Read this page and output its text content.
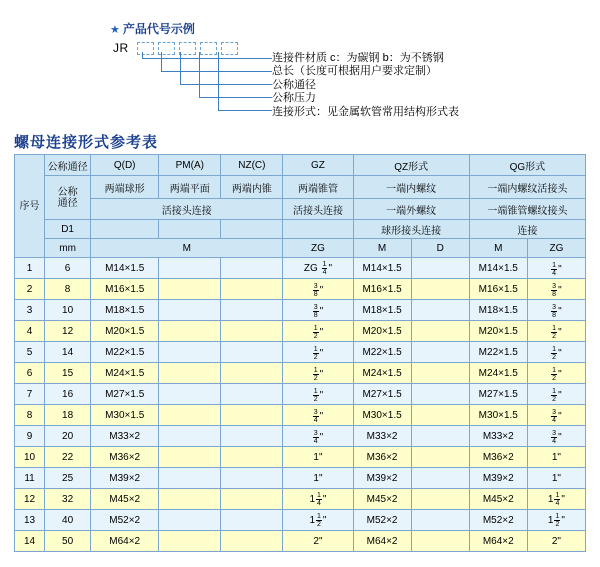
★ 产品代号示例
JR
连接件材质 c：为碳钢 b：为不锈钢
总长（长度可根据用户要求定制）
公称通径
公称压力
连接形式：见金属软管常用结构形式表
螺母连接形式参考表
序号	公称通径	Q(D)	PM(A)	NZ(C)	GZ	QZ形式		QG形式	

	公称
通径	两端球形	两端平面	两端内锥	两端锥管	一端内螺纹		一端内螺纹活接头	
		活接头连接			活接头连接	一端外螺纹		一端锥管螺纹接头	
	D1					球形接头连接		连接	
	mm	M			ZG	M	D	M	ZG
1	6	M14×1.5			ZG $\frac{1}{4}$ "	M14×1.5		M14×1.5	$\frac{1}{4}$ "

2	8	M16×1.5			$\frac{3}{8}$ "	M16×1.5		M16×1.5	$\frac{3}{8}$ "

3	10	M18×1.5			$\frac{3}{8}$ "	M18×1.5		M18×1.5	$\frac{3}{8}$ "

4	12	M20×1.5			$\frac{1}{2}$ "	M20×1.5		M20×1.5	$\frac{1}{2}$ "

5	14	M22×1.5			$\frac{1}{2}$ "	M22×1.5		M22×1.5	$\frac{1}{2}$ "

6	15	M24×1.5			$\frac{1}{2}$ "	M24×1.5		M24×1.5	$\frac{1}{2}$ "

7	16	M27×1.5			$\frac{1}{2}$ "	M27×1.5		M27×1.5	$\frac{1}{2}$ "

8	18	M30×1.5			$\frac{3}{4}$ "	M30×1.5		M30×1.5	$\frac{3}{4}$ "

9	20	M33×2			$\frac{3}{4}$ "	M33×2		M33×2	$\frac{3}{4}$ "

10	22	M36×2			1"	M36×2		M36×2	1"
11	25	M39×2			1"	M39×2		M39×2	1"
12	32	M45×2			$1 \frac{1}{4}$ "	M45×2		M45×2	$1 \frac{1}{4}$ "

13	40	M52×2			$1 \frac{1}{2}$ "	M52×2		M52×2	$1 \frac{1}{2}$ "

14	50	M64×2			2"	M64×2		M64×2	2"
